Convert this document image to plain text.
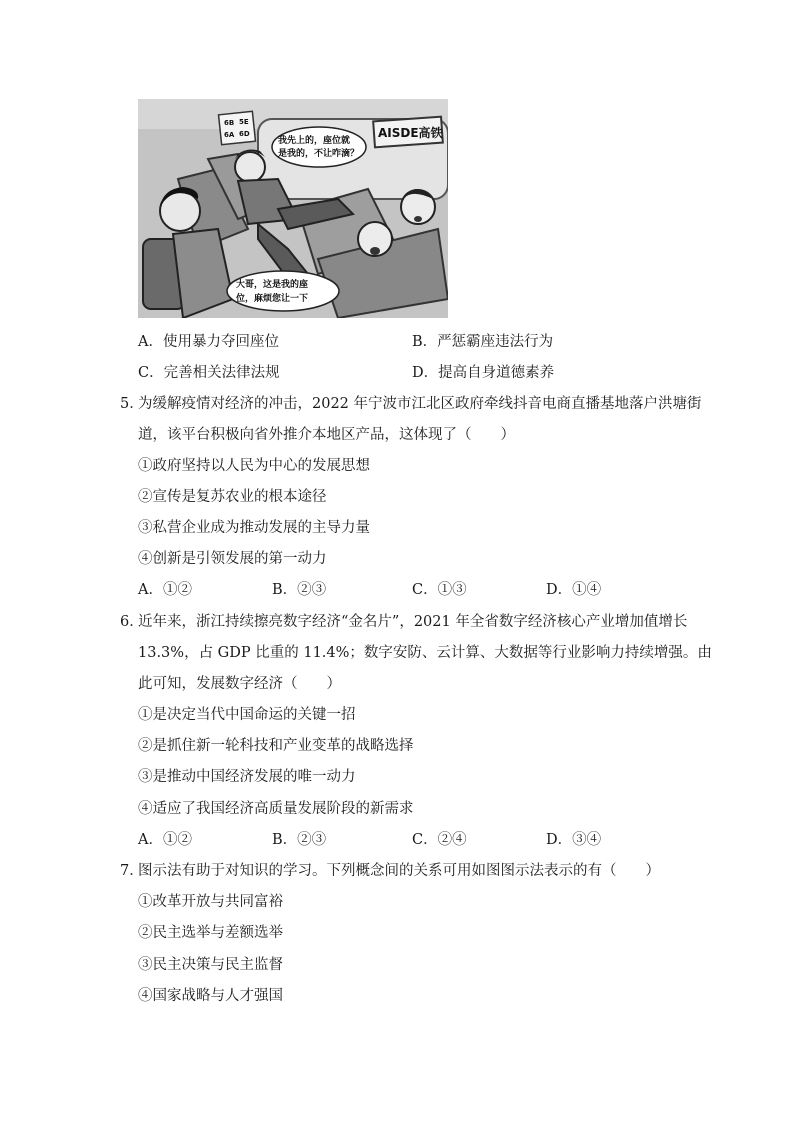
6B 5E
6A 6D	AISDE高铁
我先上的，座位就
是我的，不让咋滴？
大哥，这是我的座
位，麻烦您让一下
A．使用暴力夺回座位	B．严惩霸座违法行为
C．完善相关法律法规	D．提高自身道德素养
5．
为缓解疫情对经济的冲击，2022 年宁波市江北区政府牵线抖音电商直播基地落户洪塘街
道，该平台积极向省外推介本地区产品，这体现了（　　）
①政府坚持以人民为中心的发展思想
②宣传是复苏农业的根本途径
③私营企业成为推动发展的主导力量
④创新是引领发展的第一动力
A．①②	B．②③	C．①③	D．①④
6．
近年来，浙江持续擦亮数字经济“金名片”，2021 年全省数字经济核心产业增加值增长
13.3%，占 GDP 比重的 11.4%；数字安防、云计算、大数据等行业影响力持续增强。由
此可知，发展数字经济（　　）
①是决定当代中国命运的关键一招
②是抓住新一轮科技和产业变革的战略选择
③是推动中国经济发展的唯一动力
④适应了我国经济高质量发展阶段的新需求
A．①②	B．②③	C．②④	D．③④
7．
图示法有助于对知识的学习。下列概念间的关系可用如图图示法表示的有（　　）
①改革开放与共同富裕
②民主选举与差额选举
③民主决策与民主监督
④国家战略与人才强国
